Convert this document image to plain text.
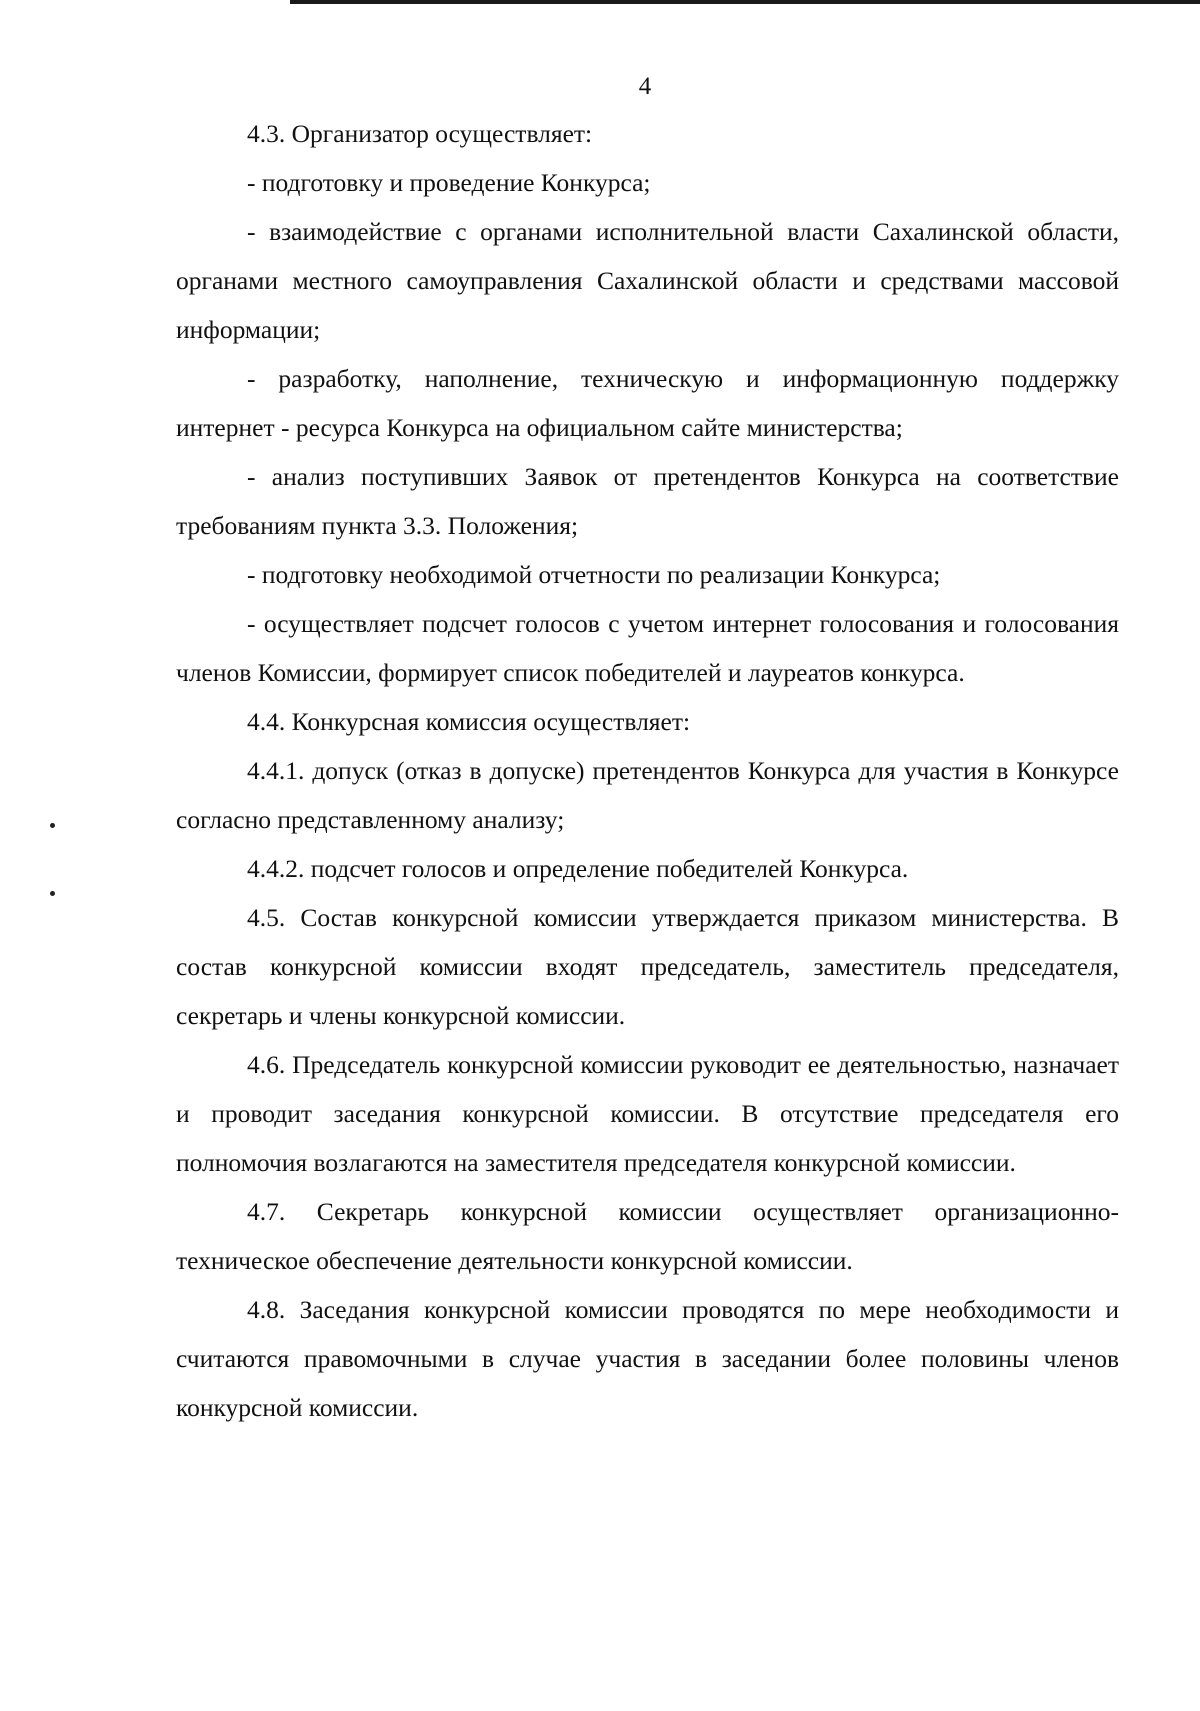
4

4.3. Организатор осуществляет:

- подготовку и проведение Конкурса;

- взаимодействие с органами исполнительной власти Сахалинской области, органами местного самоуправления Сахалинской области и средствами массовой информации;

- разработку, наполнение, техническую и информационную поддержку интернет - ресурса Конкурса на официальном сайте министерства;

- анализ поступивших Заявок от претендентов Конкурса на соответствие требованиям пункта 3.3. Положения;

- подготовку необходимой отчетности по реализации Конкурса;

- осуществляет подсчет голосов с учетом интернет голосования и голосования членов Комиссии, формирует список победителей и лауреатов конкурса.

4.4. Конкурсная комиссия осуществляет:

4.4.1. допуск (отказ в допуске) претендентов Конкурса для участия в Конкурсе согласно представленному анализу;

4.4.2. подсчет голосов и определение победителей Конкурса.

4.5. Состав конкурсной комиссии утверждается приказом министерства. В состав конкурсной комиссии входят председатель, заместитель председателя, секретарь и члены конкурсной комиссии.

4.6. Председатель конкурсной комиссии руководит ее деятельностью, назначает и проводит заседания конкурсной комиссии. В отсутствие председателя его полномочия возлагаются на заместителя председателя конкурсной комиссии.

4.7. Секретарь конкурсной комиссии осуществляет организационно-техническое обеспечение деятельности конкурсной комиссии.

4.8. Заседания конкурсной комиссии проводятся по мере необходимости и считаются правомочными в случае участия в заседании более половины членов конкурсной комиссии.
